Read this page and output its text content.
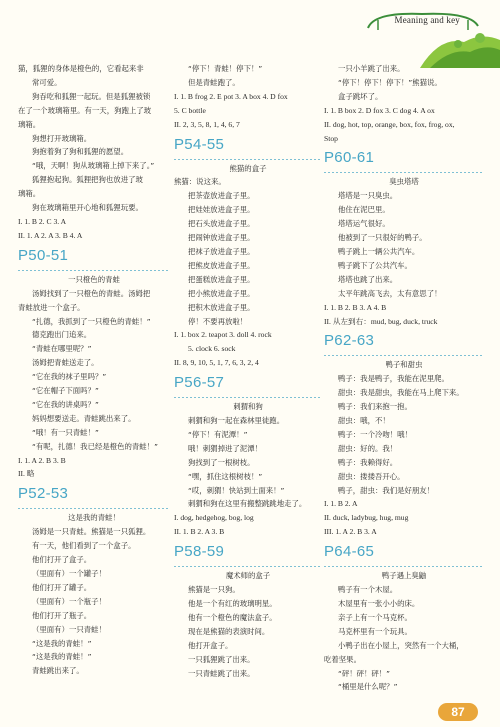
Meaning and key
猫，狐狸的身体是橙色的，它看起来非
常可爱。
狗吞吃和狐狸一起玩。但是狐狸被锁
在了一个玻璃箱里。有一天，狗跑上了玻
璃箱。
狗想打开玻璃箱。
狗抱着狗了狗和狐狸的愿望。
“哦，天啊！狗从玻璃箱上掉下来了。”
狐狸抱起狗。狐狸把狗也放进了玻
璃箱。
狗在玻璃箱里开心地和狐狸玩要。
I. 1. B 2. C 3. A
II. 1. A 2. A 3. B 4. A
P50-51
一只橙色的青蛙
汤姆找到了一只橙色的青蛙。汤姆把
青蛙放进一个盒子。
“扎德，我抓到了一只橙色的青蛙！”
德克跑出门追来。
“青蛙在哪里呢？”
汤姆把青蛙送走了。
“它在我的袜子里吗？”
“它在帽子下面吗？”
“它在我的讲桌吗？”
妈妈想要送走。青蛙跳出来了。
“哦！有一只青蛙！”
“有呢，扎德！我已经是橙色的青蛙！”
I. 1. A 2. B 3. B
II. 略
P52-53
这是我的青蛙！
汤姆是一只青蛙。熊猫是一只狐狸。
有一天，他们看到了一个盒子。
他们打开了盒子。
（里面有）一个罐子！
他们打开了罐子。
（里面有）一个瓶子！
他们打开了瓶子。
（里面有）一只青蛙！
“这是我的青蛙！”
“这是我的青蛙！”
青蛙跳出来了。
“停下！青蛙！停下！”
但是青蛙跑了。
I. 1. B frog 2. E pot 3. A box 4. D fox
5. C bottle
II. 2, 3, 5, 8, 1, 4, 6, 7
P54-55
熊猫的盒子
熊猫：说这来。
把茶壶放进盒子里。
把娃娃放进盒子里。
把石头放进盒子里。
把闹钟放进盒子里。
把袜子放进盒子里。
把熊皮放进盒子里。
把蛋糕放进盒子里。
把小熊放进盒子里。
把积木放进盒子里。
停！不要再放啦！
I. 1. box 2. teapot 3. doll 4. rock
5. clock 6. sock
II. 8, 9, 10, 5, 1, 7, 6, 3, 2, 4
P56-57
刺猬和狗
刺猬和狗一起在森林里徒跑。
“停下！有泥潭！”
哦！刺猬掉进了泥潭！
狗找到了一根树枝。
“嘿，抓住这根树枝！”
“哎，刺猬！快站到土面来！”
刺猬和狗在这里有搬整跳跳地走了。
I. dog, hedgehog, bog, log
II. 1. B 2. A 3. B
P58-59
魔术师的盒子
熊猫是一只狗。
他是一个有红的玻璃明星。
他有一个橙色的魔法盒子。
现在是熊猫的表演时间。
他打开盒子。
一只狐狸跳了出来。
一只青蛙跳了出来。
一只小羊跳了出来。
“停下！停下！停下！”熊猫说。
盒子跳坏了。
I. 1. B box 2. D fox 3. C dog 4. A ox
II. dog, hot, top, orange, box, fox, frog, ox,
Stop
P60-61
臭虫塔塔
塔塔是一只臭虫。
他住在泥巴里。
塔塔运气很好。
他被到了一只很好的鸭子。
鸭子跳上一辆公共汽车。
鸭子跳下了公共汽车。
塔塔也跳了出来。
太平年跳高飞去，太有意思了！
I. 1. B 2. B 3. A 4. B
II. 从左到右：mud, bug, duck, truck
P62-63
鸭子和甜虫
鸭子：我是鸭子，我能在泥里爬。
甜虫：我是甜虫，我能在马上爬下来。
鸭子：我们来抱一抱。
甜虫：哦，不！
鸭子：一个冷吻！哦！
甜虫：好的。我！
鸭子：我赖得好。
甜虫：搂搂吾开心。
鸭子，甜虫：我们是好朋友！
I. 1. B 2. A
II. duck, ladybug, hug, mug
III. 1. A 2. B 3. A
P64-65
鸭子遇上臭鼬
鸭子有一个木屋。
木屋里有一张小小的床。
亲子上有一个马克杯。
马克杯里有一个玩具。
小鸭子出在小屋上，突然有一个大桶，
吃着坚果。
“砰！砰！砰！”
“桶里是什么呢？”
87
